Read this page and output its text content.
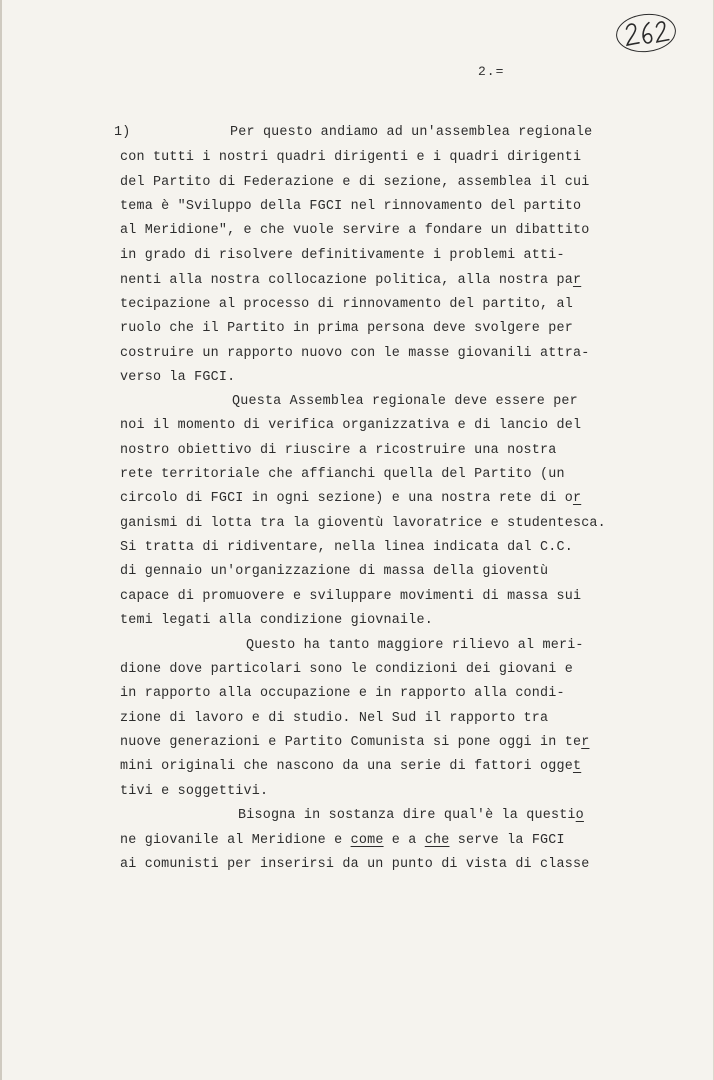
2.=
1)	Per questo andiamo ad un'assemblea regionale
con tutti i nostri quadri dirigenti e i quadri dirigenti
del Partito di Federazione e di sezione, assemblea il cui
tema è "Sviluppo della FGCI nel rinnovamento del partito
al Meridione", e che vuole servire a fondare un dibattito
in grado di risolvere definitivamente i problemi atti-
nenti alla nostra collocazione politica, alla nostra par
tecipazione al processo di rinnovamento del partito, al
ruolo che il Partito in prima persona deve svolgere per
costruire un rapporto nuovo con le masse giovanili attra-
verso la FGCI.
Questa Assemblea regionale deve essere per
noi il momento di verifica organizzativa e di lancio del
nostro obiettivo di riuscire a ricostruire una nostra
rete territoriale che affianchi quella del Partito (un
circolo di FGCI in ogni sezione) e una nostra rete di or
ganismi di lotta tra la gioventù lavoratrice e studentesca.
Si tratta di ridiventare, nella linea indicata dal C.C.
di gennaio un'organizzazione di massa della gioventù
capace di promuovere e sviluppare movimenti di massa sui
temi legati alla condizione giovnaile.
Questo ha tanto maggiore rilievo al meri-
dione dove particolari sono le condizioni dei giovani e
in rapporto alla occupazione e in rapporto alla condi-
zione di lavoro e di studio. Nel Sud il rapporto tra
nuove generazioni e Partito Comunista si pone oggi in ter
mini originali che nascono da una serie di fattori ogget
tivi e soggettivi.
Bisogna in sostanza dire qual'è la questio
ne giovanile al Meridione e come e a che serve la FGCI
ai comunisti per inserirsi da un punto di vista di classe
